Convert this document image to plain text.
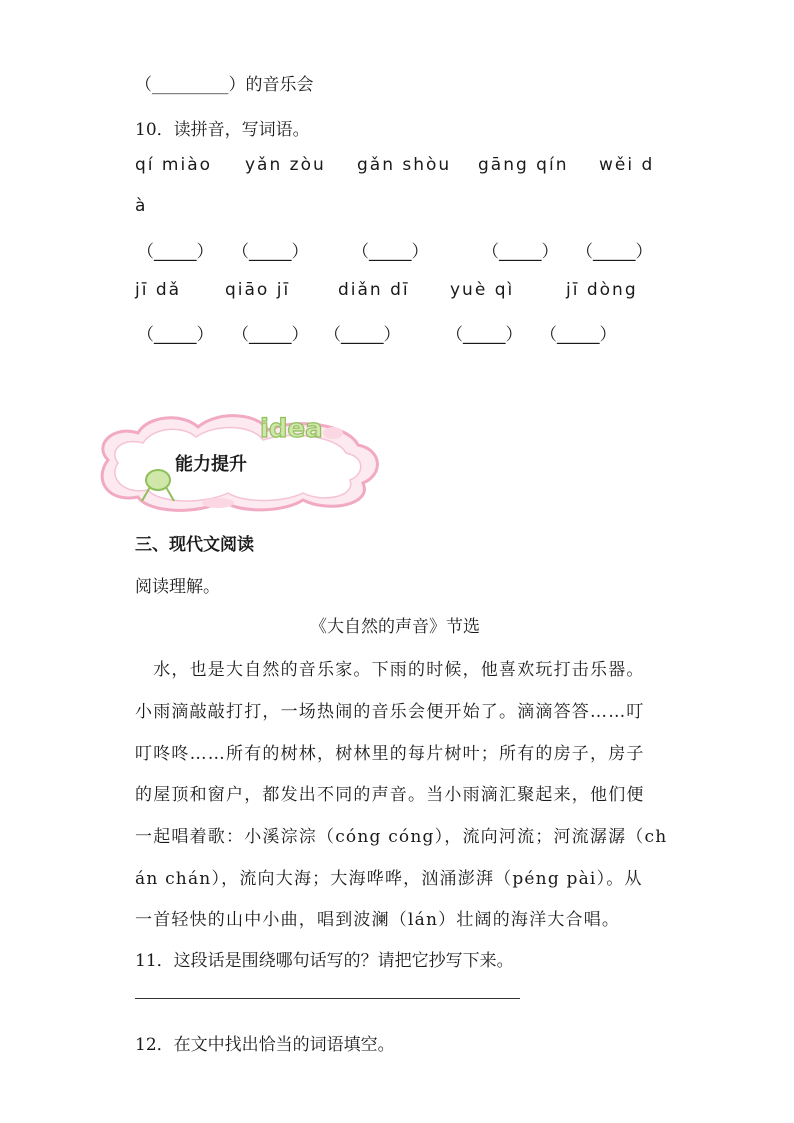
（_________）的音乐会
10．读拼音，写词语。
qí miào yǎn zòu gǎn shòu gāng qín wěi d
à
（_____） （_____）	（_____）	（_____） （_____）
jī dǎ	qiāo jī	diǎn dī yuè qì	jī dòng
（_____） （_____） （_____）	（_____） （_____）
idea
能力提升
三、现代文阅读
阅读理解。
《大自然的声音》节选
　水，也是大自然的音乐家。下雨的时候，他喜欢玩打击乐器。
小雨滴敲敲打打，一场热闹的音乐会便开始了。滴滴答答……叮
叮咚咚……所有的树林，树林里的每片树叶；所有的房子，房子
的屋顶和窗户，都发出不同的声音。当小雨滴汇聚起来，他们便
一起唱着歌：小溪淙淙（cóng cóng），流向河流；河流潺潺（ch
án chán），流向大海；大海哗哗，汹涌澎湃（péng pài）。从
一首轻快的山中小曲，唱到波澜（lán）壮阔的海洋大合唱。
11．这段话是围绕哪句话写的？请把它抄写下来。
12．在文中找出恰当的词语填空。
